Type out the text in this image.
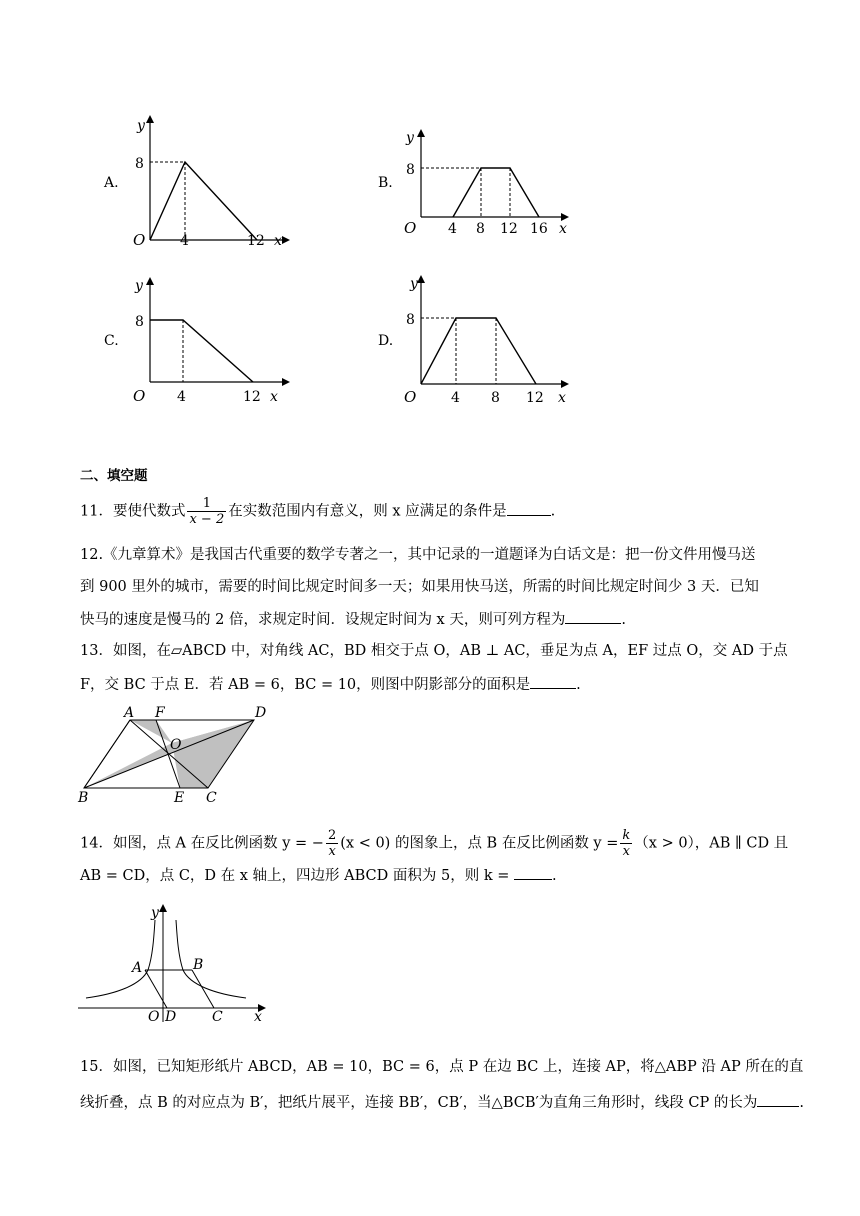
A.
y
8
O 4	12 x
B.
y
8
O 4 8 12 16 x
C.
y
8
O 4	12 x
D.
y
8
O 4 8 12 x
二、填空题
11．要使代数式 $\frac{1}{x - 2}$ 在实数范围内有意义，则 x 应满足的条件是	.
12.《九章算术》是我国古代重要的数学专著之一，其中记录的一道题译为白话文是：把一份文件用慢马送
到 900 里外的城市，需要的时间比规定时间多一天；如果用快马送，所需的时间比规定时间少 3 天．已知
快马的速度是慢马的 2 倍，求规定时间．设规定时间为 x 天，则可列方程为	.
13．如图，在▱ABCD 中，对角线 AC，BD 相交于点 O，AB ⊥ AC，垂足为点 A，EF 过点 O，交 AD 于点
F，交 BC 于点 E．若 AB = 6，BC = 10，则图中阴影部分的面积是	.
A F	D
O
B	E C
14．如图，点 A 在反比例函数 y = − $\frac{2}{x} (x < 0)$ 的图象上，点 B 在反比例函数 $y = \frac{k}{x} (x > 0)$，AB ∥ CD 且
AB = CD，点 C，D 在 x 轴上，四边形 ABCD 面积为 5，则 k =	.
y
A	B
O D	C x
15．如图，已知矩形纸片 ABCD，AB = 10，BC = 6，点 P 在边 BC 上，连接 AP，将△ABP 沿 AP 所在的直
线折叠，点 B 的对应点为 B′，把纸片展平，连接 BB′，CB′，当△BCB′为直角三角形时，线段 CP 的长为	.
